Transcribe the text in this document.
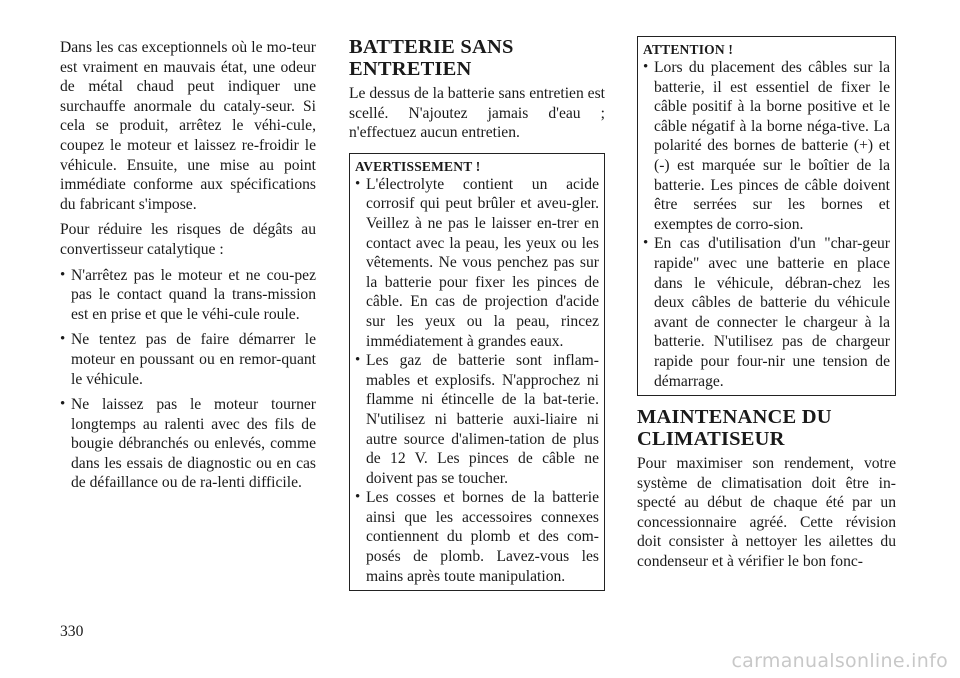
Dans les cas exceptionnels où le mo-teur est vraiment en mauvais état, une odeur de métal chaud peut indiquer une surchauffe anormale du cataly-seur. Si cela se produit, arrêtez le véhi-cule, coupez le moteur et laissez re-froidir le véhicule. Ensuite, une mise au point immédiate conforme aux spécifications du fabricant s'impose.

Pour réduire les risques de dégâts au convertisseur catalytique :

• N'arrêtez pas le moteur et ne cou-pez pas le contact quand la trans-mission est en prise et que le véhi-cule roule.
• Ne tentez pas de faire démarrer le moteur en poussant ou en remor-quant le véhicule.
• Ne laissez pas le moteur tourner longtemps au ralenti avec des fils de bougie débranchés ou enlevés, comme dans les essais de diagnostic ou en cas de défaillance ou de ra-lenti difficile.
BATTERIE SANS ENTRETIEN

Le dessus de la batterie sans entretien est scellé. N'ajoutez jamais d'eau ; n'effectuez aucun entretien.

AVERTISSEMENT !
• L'électrolyte contient un acide corrosif qui peut brûler et aveu-gler. Veillez à ne pas le laisser en-trer en contact avec la peau, les yeux ou les vêtements. Ne vous penchez pas sur la batterie pour fixer les pinces de câble. En cas de projection d'acide sur les yeux ou la peau, rincez immédiatement à grandes eaux.
• Les gaz de batterie sont inflam-mables et explosifs. N'approchez ni flamme ni étincelle de la bat-terie. N'utilisez ni batterie auxi-liaire ni autre source d'alimen-tation de plus de 12 V. Les pinces de câble ne doivent pas se toucher.
• Les cosses et bornes de la batterie ainsi que les accessoires connexes contiennent du plomb et des com-posés de plomb. Lavez-vous les mains après toute manipulation.
ATTENTION !
• Lors du placement des câbles sur la batterie, il est essentiel de fixer le câble positif à la borne positive et le câble négatif à la borne néga-tive. La polarité des bornes de batterie (+) et (-) est marquée sur le boîtier de la batterie. Les pinces de câble doivent être serrées sur les bornes et exemptes de corro-sion.
• En cas d'utilisation d'un "char-geur rapide" avec une batterie en place dans le véhicule, débran-chez les deux câbles de batterie du véhicule avant de connecter le chargeur à la batterie. N'utilisez pas de chargeur rapide pour four-nir une tension de démarrage.
MAINTENANCE DU CLIMATISEUR

Pour maximiser son rendement, votre système de climatisation doit être in-specté au début de chaque été par un concessionnaire agréé. Cette révision doit consister à nettoyer les ailettes du condenseur et à vérifier le bon fonc-

330
carmanualsonline.info
